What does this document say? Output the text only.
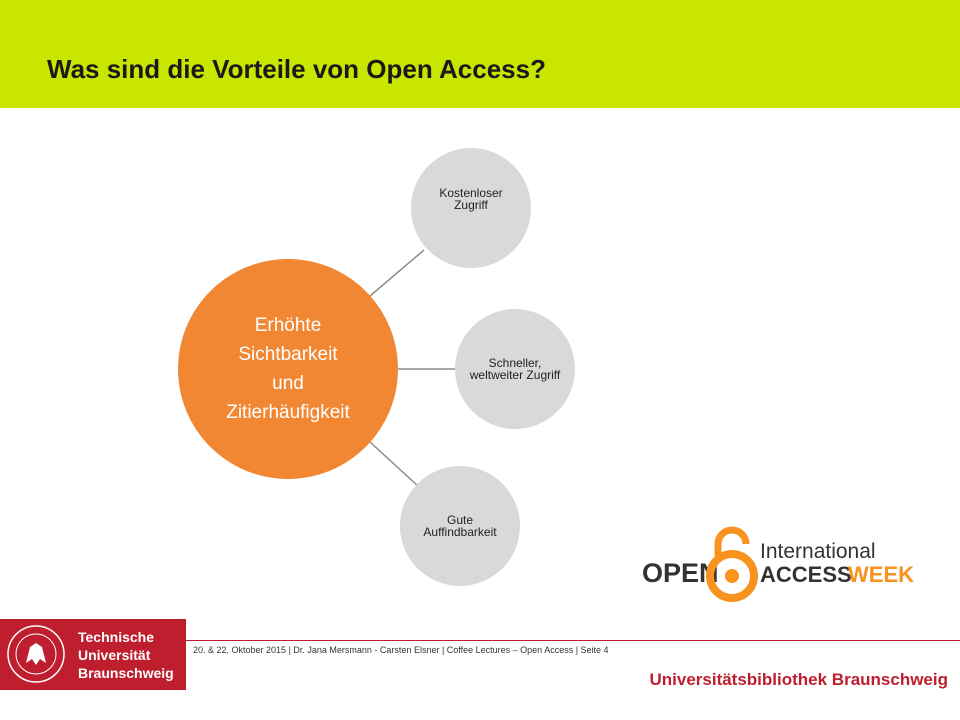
Was sind die Vorteile von Open Access?
Erhöhte
Sichtbarkeit
und
Zitierhäufigkeit
Kostenloser Zugriff
Schneller, weltweiter Zugriff
Gute Auffindbarkeit
OPEN
International
ACCESS
WEEK
Technische
Universität
Braunschweig
20. & 22. Oktober 2015 | Dr. Jana Mersmann - Carsten Elsner | Coffee Lectures – Open Access | Seite 4
Universitätsbibliothek Braunschweig
